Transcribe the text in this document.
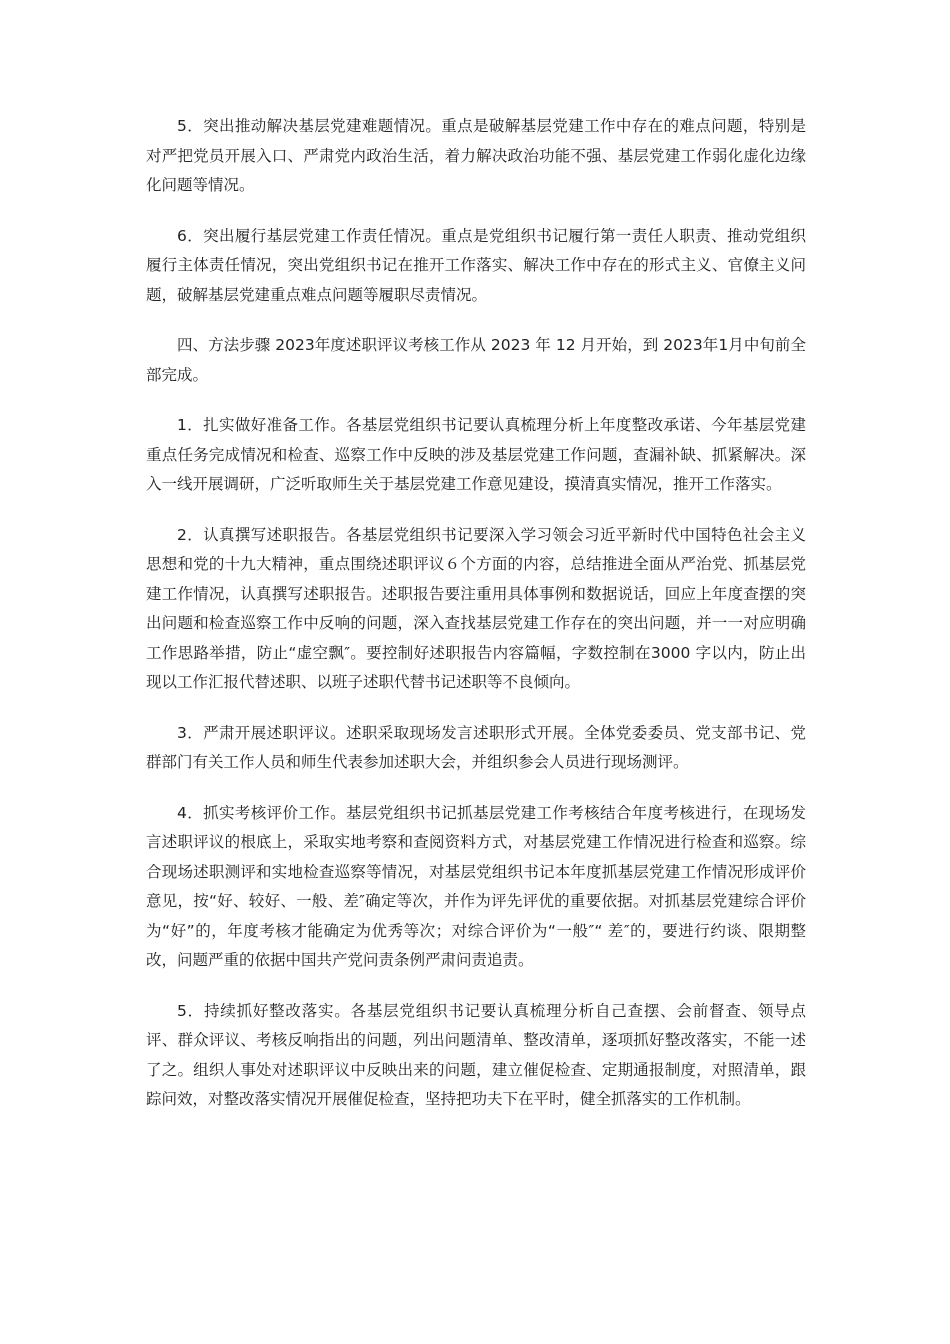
5．突出推动解决基层党建难题情况。重点是破解基层党建工作中存在的难点问题，特别是对严把党员开展入口、严肃党内政治生活，着力解决政治功能不强、基层党建工作弱化虚化边缘化问题等情况。

6．突出履行基层党建工作责任情况。重点是党组织书记履行第一责任人职责、推动党组织履行主体责任情况，突出党组织书记在推开工作落实、解决工作中存在的形式主义、官僚主义问题，破解基层党建重点难点问题等履职尽责情况。

四、方法步骤 2023年度述职评议考核工作从 2023 年 12 月开始，到 2023年1月中旬前全部完成。

1．扎实做好准备工作。各基层党组织书记要认真梳理分析上年度整改承诺、今年基层党建重点任务完成情况和检查、巡察工作中反映的涉及基层党建工作问题，查漏补缺、抓紧解决。深入一线开展调研，广泛听取师生关于基层党建工作意见建设，摸清真实情况，推开工作落实。

2．认真撰写述职报告。各基层党组织书记要深入学习领会习近平新时代中国特色社会主义思想和党的十九大精神，重点围绕述职评议６个方面的内容，总结推进全面从严治党、抓基层党建工作情况，认真撰写述职报告。述职报告要注重用具体事例和数据说话，回应上年度查摆的突出问题和检查巡察工作中反响的问题，深入查找基层党建工作存在的突出问题，并一一对应明确工作思路举措，防止“虚空飘″。要控制好述职报告内容篇幅，字数控制在3000 字以内，防止出现以工作汇报代替述职、以班子述职代替书记述职等不良倾向。

3．严肃开展述职评议。述职采取现场发言述职形式开展。全体党委委员、党支部书记、党群部门有关工作人员和师生代表参加述职大会，并组织参会人员进行现场测评。

4．抓实考核评价工作。基层党组织书记抓基层党建工作考核结合年度考核进行，在现场发言述职评议的根底上，采取实地考察和查阅资料方式，对基层党建工作情况进行检查和巡察。综合现场述职测评和实地检查巡察等情况，对基层党组织书记本年度抓基层党建工作情况形成评价意见，按“好、较好、一般、差″确定等次，并作为评先评优的重要依据。对抓基层党建综合评价为“好”的，年度考核才能确定为优秀等次；对综合评价为“一般″“ 差″的，要进行约谈、限期整改，问题严重的依据中国共产党问责条例严肃问责追责。

5．持续抓好整改落实。各基层党组织书记要认真梳理分析自己查摆、会前督查、领导点评、群众评议、考核反响指出的问题，列出问题清单、整改清单，逐项抓好整改落实，不能一述了之。组织人事处对述职评议中反映出来的问题，建立催促检查、定期通报制度，对照清单，跟踪问效，对整改落实情况开展催促检查，坚持把功夫下在平时，健全抓落实的工作机制。
